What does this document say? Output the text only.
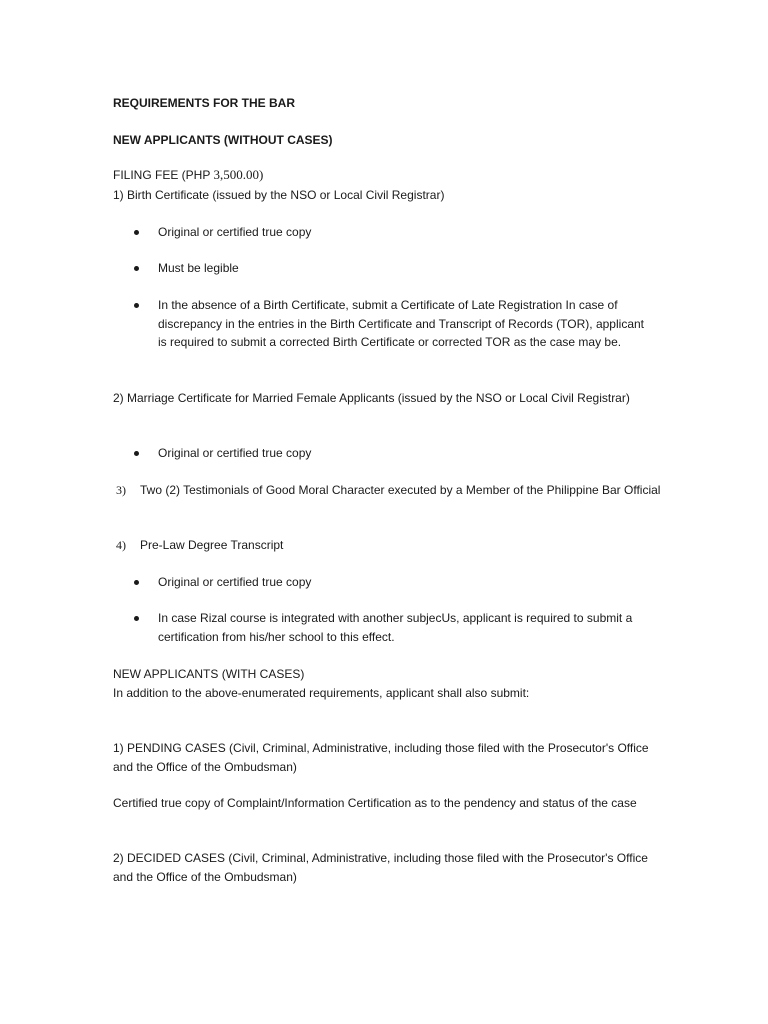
REQUIREMENTS FOR THE BAR

NEW APPLICANTS (WITHOUT CASES)

FILING FEE (PHP 3,500.00)

1) Birth Certificate (issued by the NSO or Local Civil Registrar)

Original or certified true copy

Must be legible

In the absence of a Birth Certificate, submit a Certificate of Late Registration In case of discrepancy in the entries in the Birth Certificate and Transcript of Records (TOR), applicant is required to submit a corrected Birth Certificate or corrected TOR as the case may be.

2) Marriage Certificate for Married Female Applicants (issued by the NSO or Local Civil Registrar)

Original or certified true copy

3) Two (2) Testimonials of Good Moral Character executed by a Member of the Philippine Bar Official

4) Pre-Law Degree Transcript

Original or certified true copy

In case Rizal course is integrated with another subjecUs, applicant is required to submit a certification from his/her school to this effect.

NEW APPLICANTS (WITH CASES)

In addition to the above-enumerated requirements, applicant shall also submit:

1) PENDING CASES (Civil, Criminal, Administrative, including those filed with the Prosecutor's Office and the Office of the Ombudsman)

Certified true copy of Complaint/Information Certification as to the pendency and status of the case

2) DECIDED CASES (Civil, Criminal, Administrative, including those filed with the Prosecutor's Office and the Office of the Ombudsman)
